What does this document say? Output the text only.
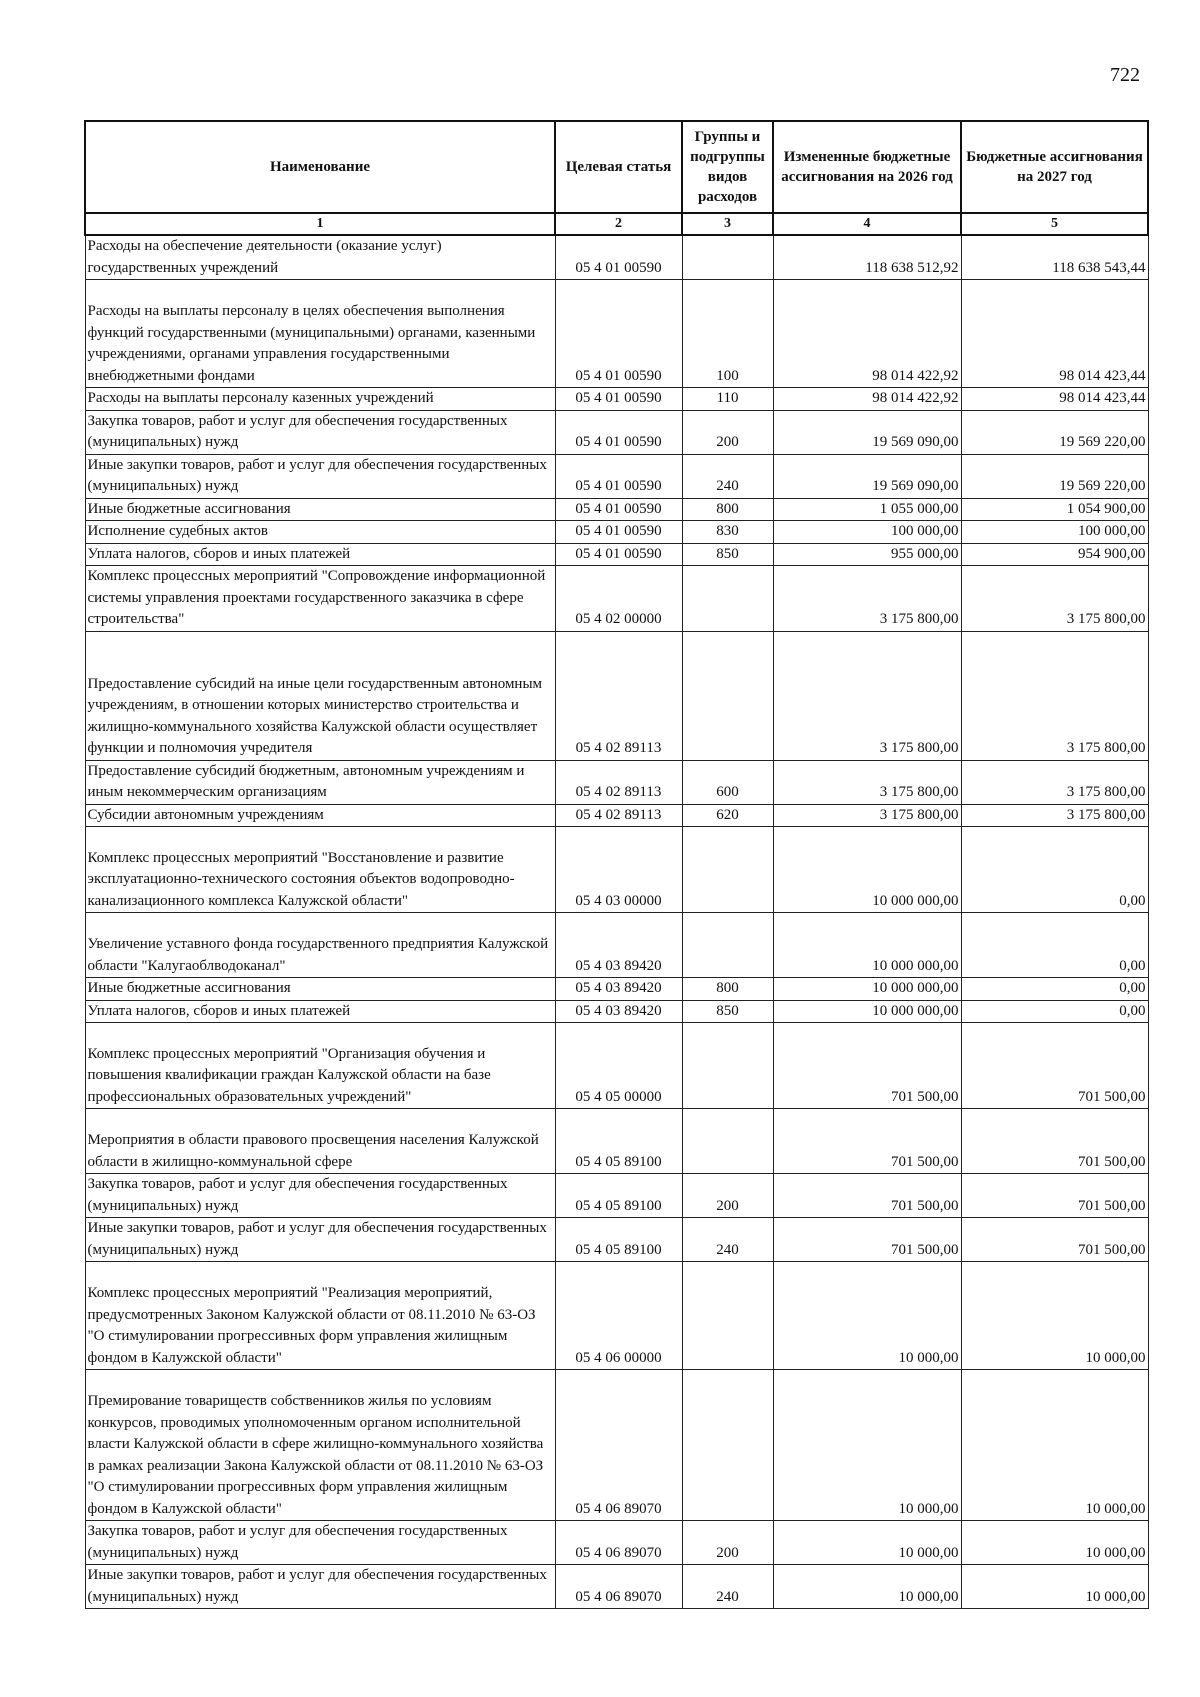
722
Наименование	Целевая статья	Группы и подгруппы видов расходов	Измененные бюджетные ассигнования на 2026 год	Бюджетные ассигнования на 2027 год
1	2	3	4	5
Расходы на обеспечение деятельности (оказание услуг) государственных учреждений	05 4 01 00590		118 638 512,92	118 638 543,44
Расходы на выплаты персоналу в целях обеспечения выполнения функций государственными (муниципальными) органами, казенными учреждениями, органами управления государственными внебюджетными фондами	05 4 01 00590	100	98 014 422,92	98 014 423,44
Расходы на выплаты персоналу казенных учреждений	05 4 01 00590	110	98 014 422,92	98 014 423,44
Закупка товаров, работ и услуг для обеспечения государственных (муниципальных) нужд	05 4 01 00590	200	19 569 090,00	19 569 220,00
Иные закупки товаров, работ и услуг для обеспечения государственных (муниципальных) нужд	05 4 01 00590	240	19 569 090,00	19 569 220,00
Иные бюджетные ассигнования	05 4 01 00590	800	1 055 000,00	1 054 900,00
Исполнение судебных актов	05 4 01 00590	830	100 000,00	100 000,00
Уплата налогов, сборов и иных платежей	05 4 01 00590	850	955 000,00	954 900,00
Комплекс процессных мероприятий "Сопровождение информационной системы управления проектами государственного заказчика в сфере строительства"	05 4 02 00000		3 175 800,00	3 175 800,00
Предоставление субсидий на иные цели государственным автономным учреждениям, в отношении которых министерство строительства и жилищно-коммунального хозяйства Калужской области осуществляет функции и полномочия учредителя	05 4 02 89113		3 175 800,00	3 175 800,00
Предоставление субсидий бюджетным, автономным учреждениям и иным некоммерческим организациям	05 4 02 89113	600	3 175 800,00	3 175 800,00
Субсидии автономным учреждениям	05 4 02 89113	620	3 175 800,00	3 175 800,00
Комплекс процессных мероприятий "Восстановление и развитие эксплуатационно-технического состояния объектов водопроводно-канализационного комплекса Калужской области"	05 4 03 00000		10 000 000,00	0,00
Увеличение уставного фонда государственного предприятия Калужской области "Калугаоблводоканал"	05 4 03 89420		10 000 000,00	0,00
Иные бюджетные ассигнования	05 4 03 89420	800	10 000 000,00	0,00
Уплата налогов, сборов и иных платежей	05 4 03 89420	850	10 000 000,00	0,00
Комплекс процессных мероприятий "Организация обучения и повышения квалификации граждан Калужской области на базе профессиональных образовательных учреждений"	05 4 05 00000		701 500,00	701 500,00
Мероприятия в области правового просвещения населения Калужской области в жилищно-коммунальной сфере	05 4 05 89100		701 500,00	701 500,00
Закупка товаров, работ и услуг для обеспечения государственных (муниципальных) нужд	05 4 05 89100	200	701 500,00	701 500,00
Иные закупки товаров, работ и услуг для обеспечения государственных (муниципальных) нужд	05 4 05 89100	240	701 500,00	701 500,00
Комплекс процессных мероприятий "Реализация мероприятий, предусмотренных Законом Калужской области от 08.11.2010 № 63-ОЗ "О стимулировании прогрессивных форм управления жилищным фондом в Калужской области"	05 4 06 00000		10 000,00	10 000,00
Премирование товариществ собственников жилья по условиям конкурсов, проводимых уполномоченным органом исполнительной власти Калужской области в сфере жилищно-коммунального хозяйства в рамках реализации Закона Калужской области от 08.11.2010 № 63-ОЗ "О стимулировании прогрессивных форм управления жилищным фондом в Калужской области"	05 4 06 89070		10 000,00	10 000,00
Закупка товаров, работ и услуг для обеспечения государственных (муниципальных) нужд	05 4 06 89070	200	10 000,00	10 000,00
Иные закупки товаров, работ и услуг для обеспечения государственных (муниципальных) нужд	05 4 06 89070	240	10 000,00	10 000,00
